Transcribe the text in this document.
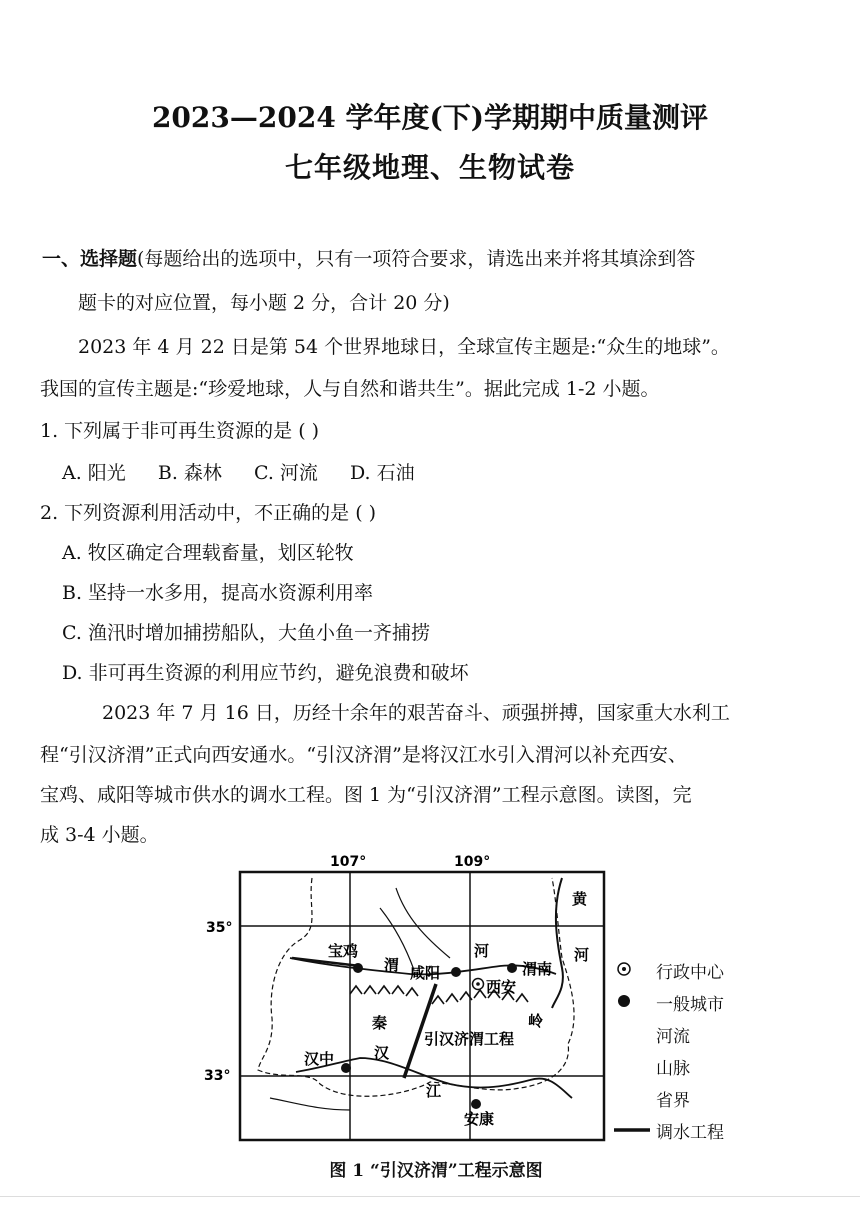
2023—2024 学年度(下)学期期中质量测评
七年级地理、生物试卷
一、选择题(每题给出的选项中，只有一项符合要求，请选出来并将其填涂到答
题卡的对应位置，每小题 2 分，合计 20 分)
2023 年 4 月 22 日是第 54 个世界地球日，全球宣传主题是:“众生的地球”。
我国的宣传主题是:“珍爱地球，人与自然和谐共生”。据此完成 1-2 小题。
1. 下列属于非可再生资源的是 ( )
A. 阳光 B. 森林 C. 河流 D. 石油
2. 下列资源利用活动中，不正确的是 ( )
A. 牧区确定合理载畜量，划区轮牧
B. 坚持一水多用，提高水资源利用率
C. 渔汛时增加捕捞船队，大鱼小鱼一齐捕捞
D. 非可再生资源的利用应节约，避免浪费和破坏
2023 年 7 月 16 日，历经十余年的艰苦奋斗、顽强拼搏，国家重大水利工
程“引汉济渭”正式向西安通水。“引汉济渭”是将汉江水引入渭河以补充西安、
宝鸡、咸阳等城市供水的调水工程。图 1 为“引汉济渭”工程示意图。读图，完
成 3-4 小题。
107°	109°
35°
33°
宝鸡
咸阳
西安
渭南
汉中
安康
渭
河
黄
河
江
汉
秦	岭
引汉济渭工程
行政中心
一般城市
河流
山脉
省界
调水工程
图 1 “引汉济渭”工程示意图
